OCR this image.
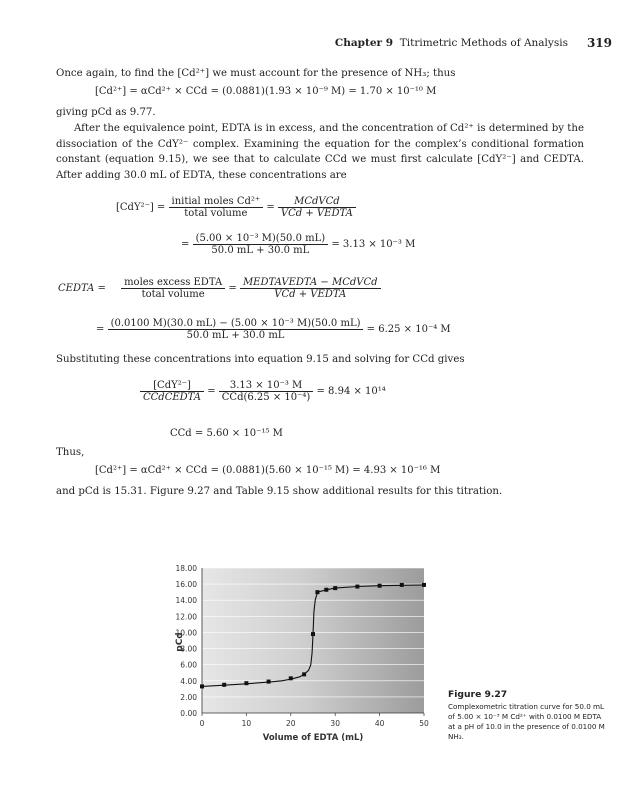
Chapter 9 Titrimetric Methods of Analysis 319
Once again, to find the [Cd²⁺] we must account for the presence of NH₃; thus
[Cd²⁺] = αCd²⁺ × CCd = (0.0881)(1.93 × 10⁻⁹ M) = 1.70 × 10⁻¹⁰ M
giving pCd as 9.77.
After the equivalence point, EDTA is in excess, and the concentration of Cd²⁺ is determined by the dissociation of the CdY²⁻ complex. Examining the equation for the complex’s conditional formation constant (equation 9.15), we see that to calculate CCd we must first calculate [CdY²⁻] and CEDTA. After adding 30.0 mL of EDTA, these concentrations are
$[CdY^{2-}] = \frac{\text{initial moles Cd²⁺}}{\text{total volume}} = \frac{\text{MCdVCd}}{\text{VCd + VEDTA}}$
= $\frac{\text{(5.00 × 10⁻³ M)(50.0 mL)}}{50.0 mL + 30.0 mL} = 3.13 \times 10^{-3}$ M
CEDTA = $\frac{\text{moles excess EDTA}}{\text{total volume}} = \frac{\text{MEDTAVEDTA − MCdVCd}}{\text{VCd + VEDTA}}$
= $\frac{\text{(0.0100 M)(30.0 mL) − (5.00 × 10⁻³ M)(50.0 mL)}}{50.0 mL + 30.0 mL} = 6.25 \times 10^{-4}$ M
Substituting these concentrations into equation 9.15 and solving for CCd gives
$\frac{\text{[CdY²⁻]}}{\text{CCdCEDTA}} = \frac{\text{3.13 × 10⁻³ M}}{\text{CCd(6.25 × 10⁻⁴)}} = 8.94 \times 10^{14}$
CCd = 5.60 × 10⁻¹⁵ M
Thus,
[Cd²⁺] = αCd²⁺ × CCd = (0.0881)(5.60 × 10⁻¹⁵ M) = 4.93 × 10⁻¹⁶ M
and pCd is 15.31. Figure 9.27 and Table 9.15 show additional results for this titration.
0.00
2.00
4.00
6.00
8.00
10.00
12.00
14.00
16.00
18.00
0	10	20	30	40	50
pCd
Volume of EDTA (mL)
Figure 9.27
Complexometric titration curve for 50.0 mL of 5.00 × 10⁻³ M Cd²⁺ with 0.0100 M EDTA at a pH of 10.0 in the presence of 0.0100 M NH₃.
